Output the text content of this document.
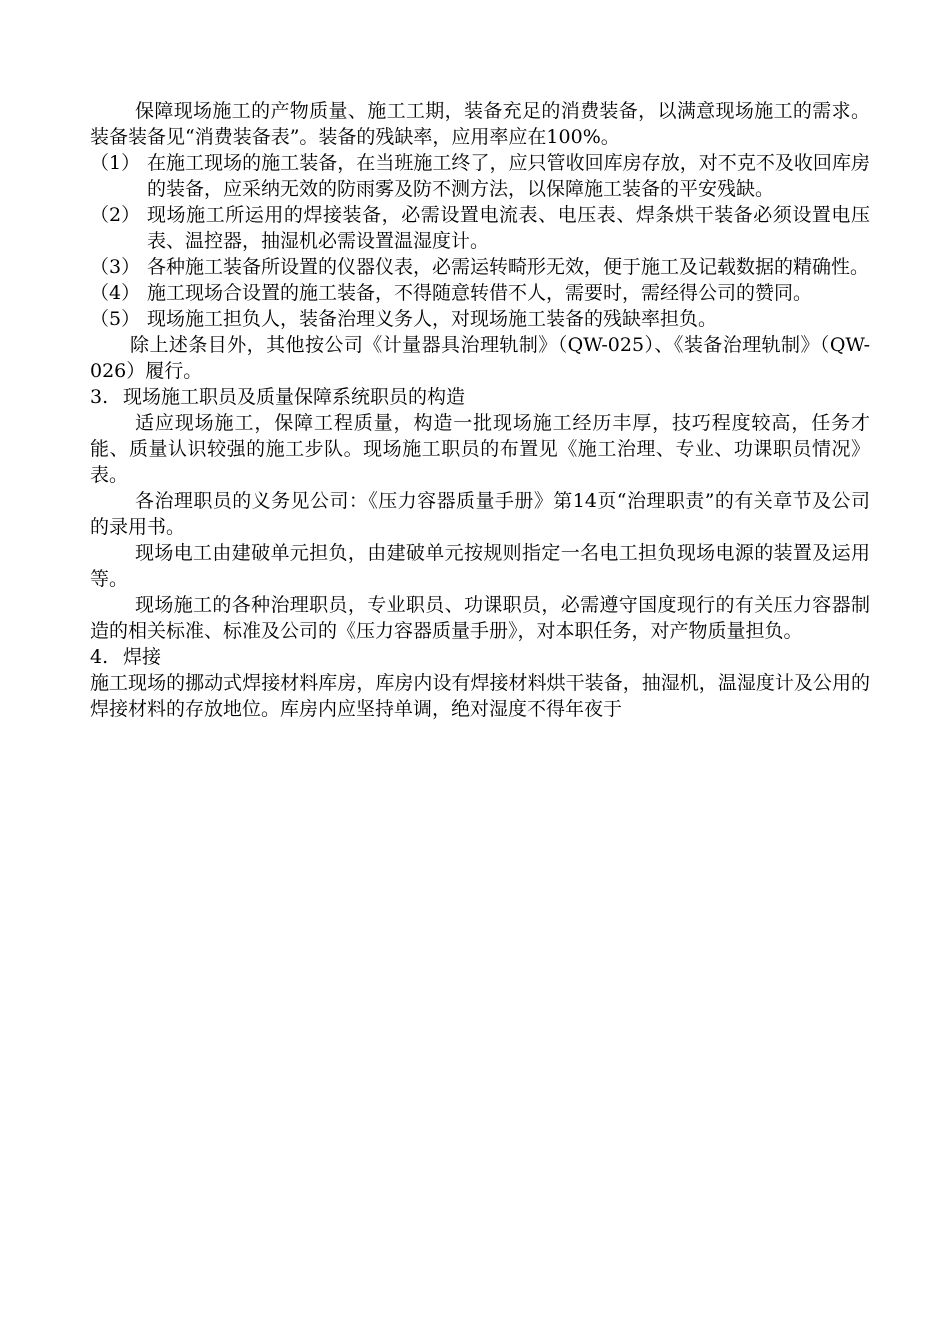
保障现场施工的产物质量、施工工期，装备充足的消费装备，以满意现场施工的需求。装备装备见“消费装备表”。装备的残缺率，应用率应在100%。

（1） 在施工现场的施工装备，在当班施工终了，应只管收回库房存放，对不克不及收回库房的装备，应采纳无效的防雨雾及防不测方法，以保障施工装备的平安残缺。
（2） 现场施工所运用的焊接装备，必需设置电流表、电压表、焊条烘干装备必须设置电压表、温控器，抽湿机必需设置温湿度计。
（3） 各种施工装备所设置的仪器仪表，必需运转畸形无效，便于施工及记载数据的精确性。
（4） 施工现场合设置的施工装备，不得随意转借不人，需要时，需经得公司的赞同。
（5） 现场施工担负人，装备治理义务人，对现场施工装备的残缺率担负。

除上述条目外，其他按公司《计量器具治理轨制》（QW-025）、《装备治理轨制》（QW-026）履行。

3. 现场施工职员及质量保障系统职员的构造

适应现场施工，保障工程质量，构造一批现场施工经历丰厚，技巧程度较高，任务才能、质量认识较强的施工步队。现场施工职员的布置见《施工治理、专业、功课职员情况》表。

各治理职员的义务见公司：《压力容器质量手册》第14页“治理职责”的有关章节及公司的录用书。

现场电工由建破单元担负，由建破单元按规则指定一名电工担负现场电源的装置及运用等。

现场施工的各种治理职员，专业职员、功课职员，必需遵守国度现行的有关压力容器制造的相关标准、标准及公司的《压力容器质量手册》，对本职任务，对产物质量担负。

4. 焊接

施工现场的挪动式焊接材料库房，库房内设有焊接材料烘干装备，抽湿机，温湿度计及公用的焊接材料的存放地位。库房内应坚持单调，绝对湿度不得年夜于
